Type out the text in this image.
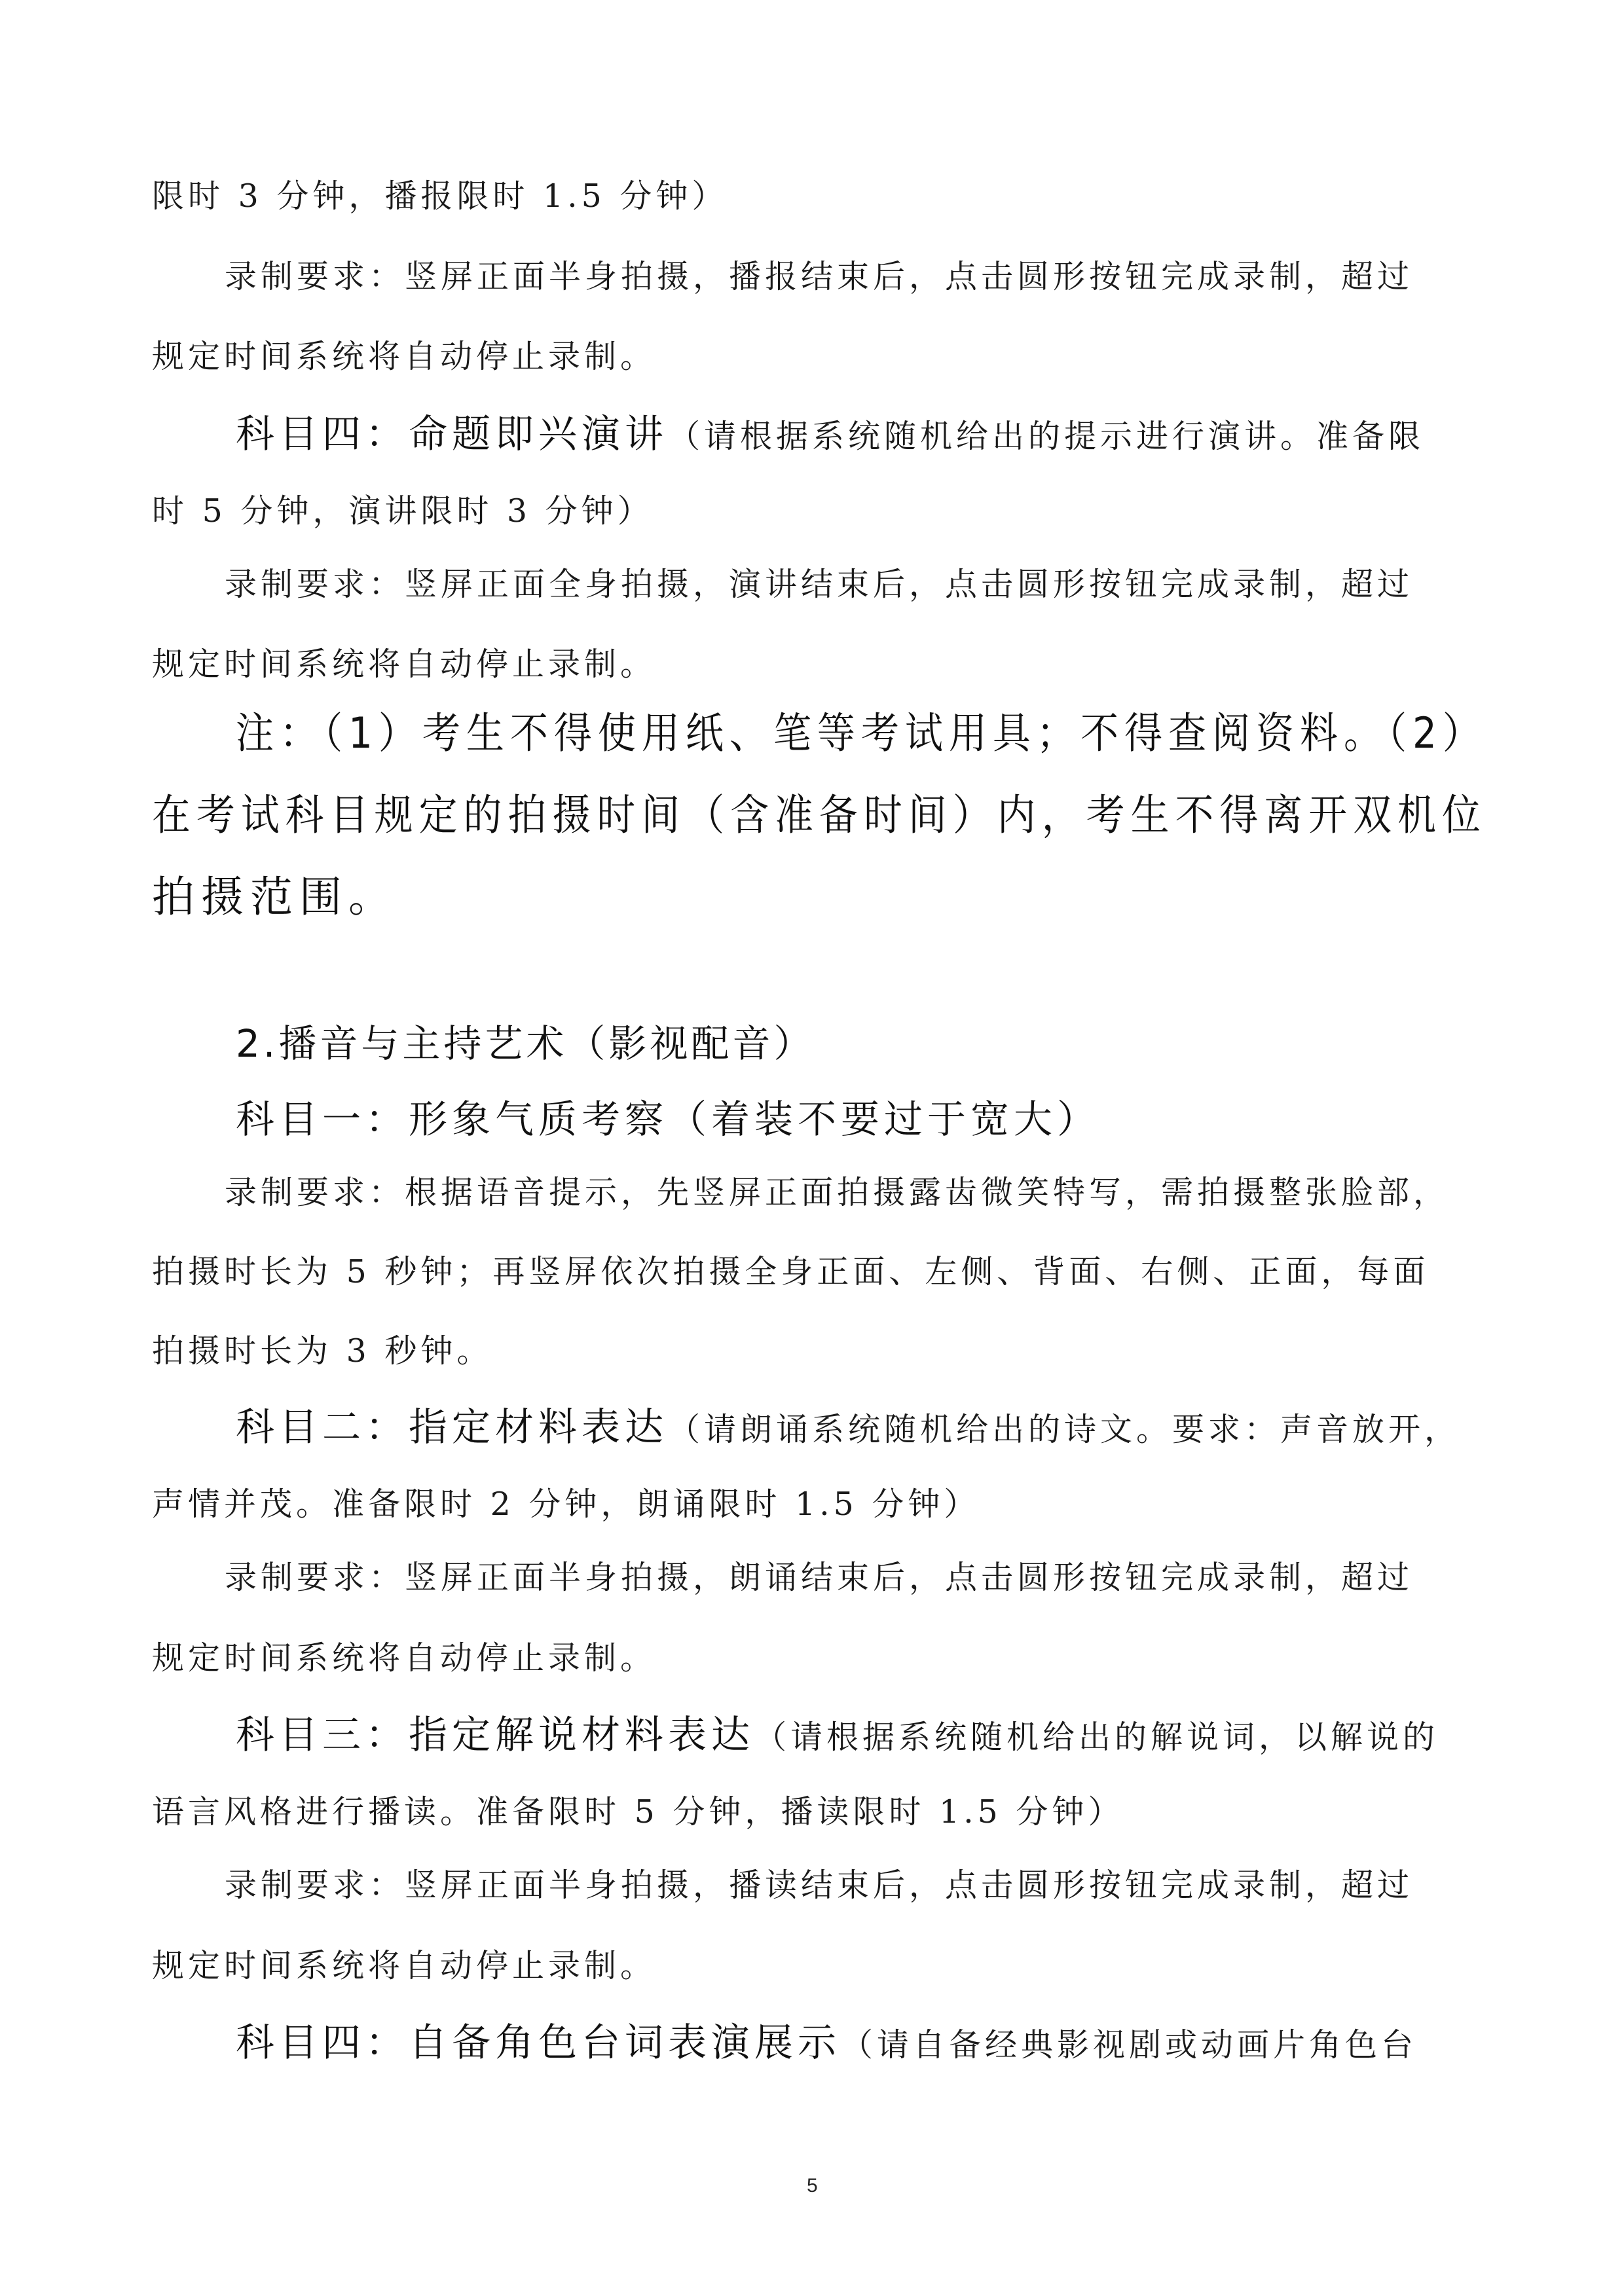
限时 3 分钟，播报限时 1.5 分钟）
录制要求：竖屏正面半身拍摄，播报结束后，点击圆形按钮完成录制，超过
规定时间系统将自动停止录制。
科目四：命题即兴演讲（请根据系统随机给出的提示进行演讲。准备限
时 5 分钟，演讲限时 3 分钟）
录制要求：竖屏正面全身拍摄，演讲结束后，点击圆形按钮完成录制，超过
规定时间系统将自动停止录制。
注：（1）考生不得使用纸、笔等考试用具；不得查阅资料。（2）
在考试科目规定的拍摄时间（含准备时间）内，考生不得离开双机位
拍摄范围。
2.播音与主持艺术（影视配音）
科目一：形象气质考察（着装不要过于宽大）
录制要求：根据语音提示，先竖屏正面拍摄露齿微笑特写，需拍摄整张脸部，
拍摄时长为 5 秒钟；再竖屏依次拍摄全身正面、左侧、背面、右侧、正面，每面
拍摄时长为 3 秒钟。
科目二：指定材料表达（请朗诵系统随机给出的诗文。要求：声音放开，
声情并茂。准备限时 2 分钟，朗诵限时 1.5 分钟）
录制要求：竖屏正面半身拍摄，朗诵结束后，点击圆形按钮完成录制，超过
规定时间系统将自动停止录制。
科目三：指定解说材料表达（请根据系统随机给出的解说词，以解说的
语言风格进行播读。准备限时 5 分钟，播读限时 1.5 分钟）
录制要求：竖屏正面半身拍摄，播读结束后，点击圆形按钮完成录制，超过
规定时间系统将自动停止录制。
科目四：自备角色台词表演展示（请自备经典影视剧或动画片角色台
5
